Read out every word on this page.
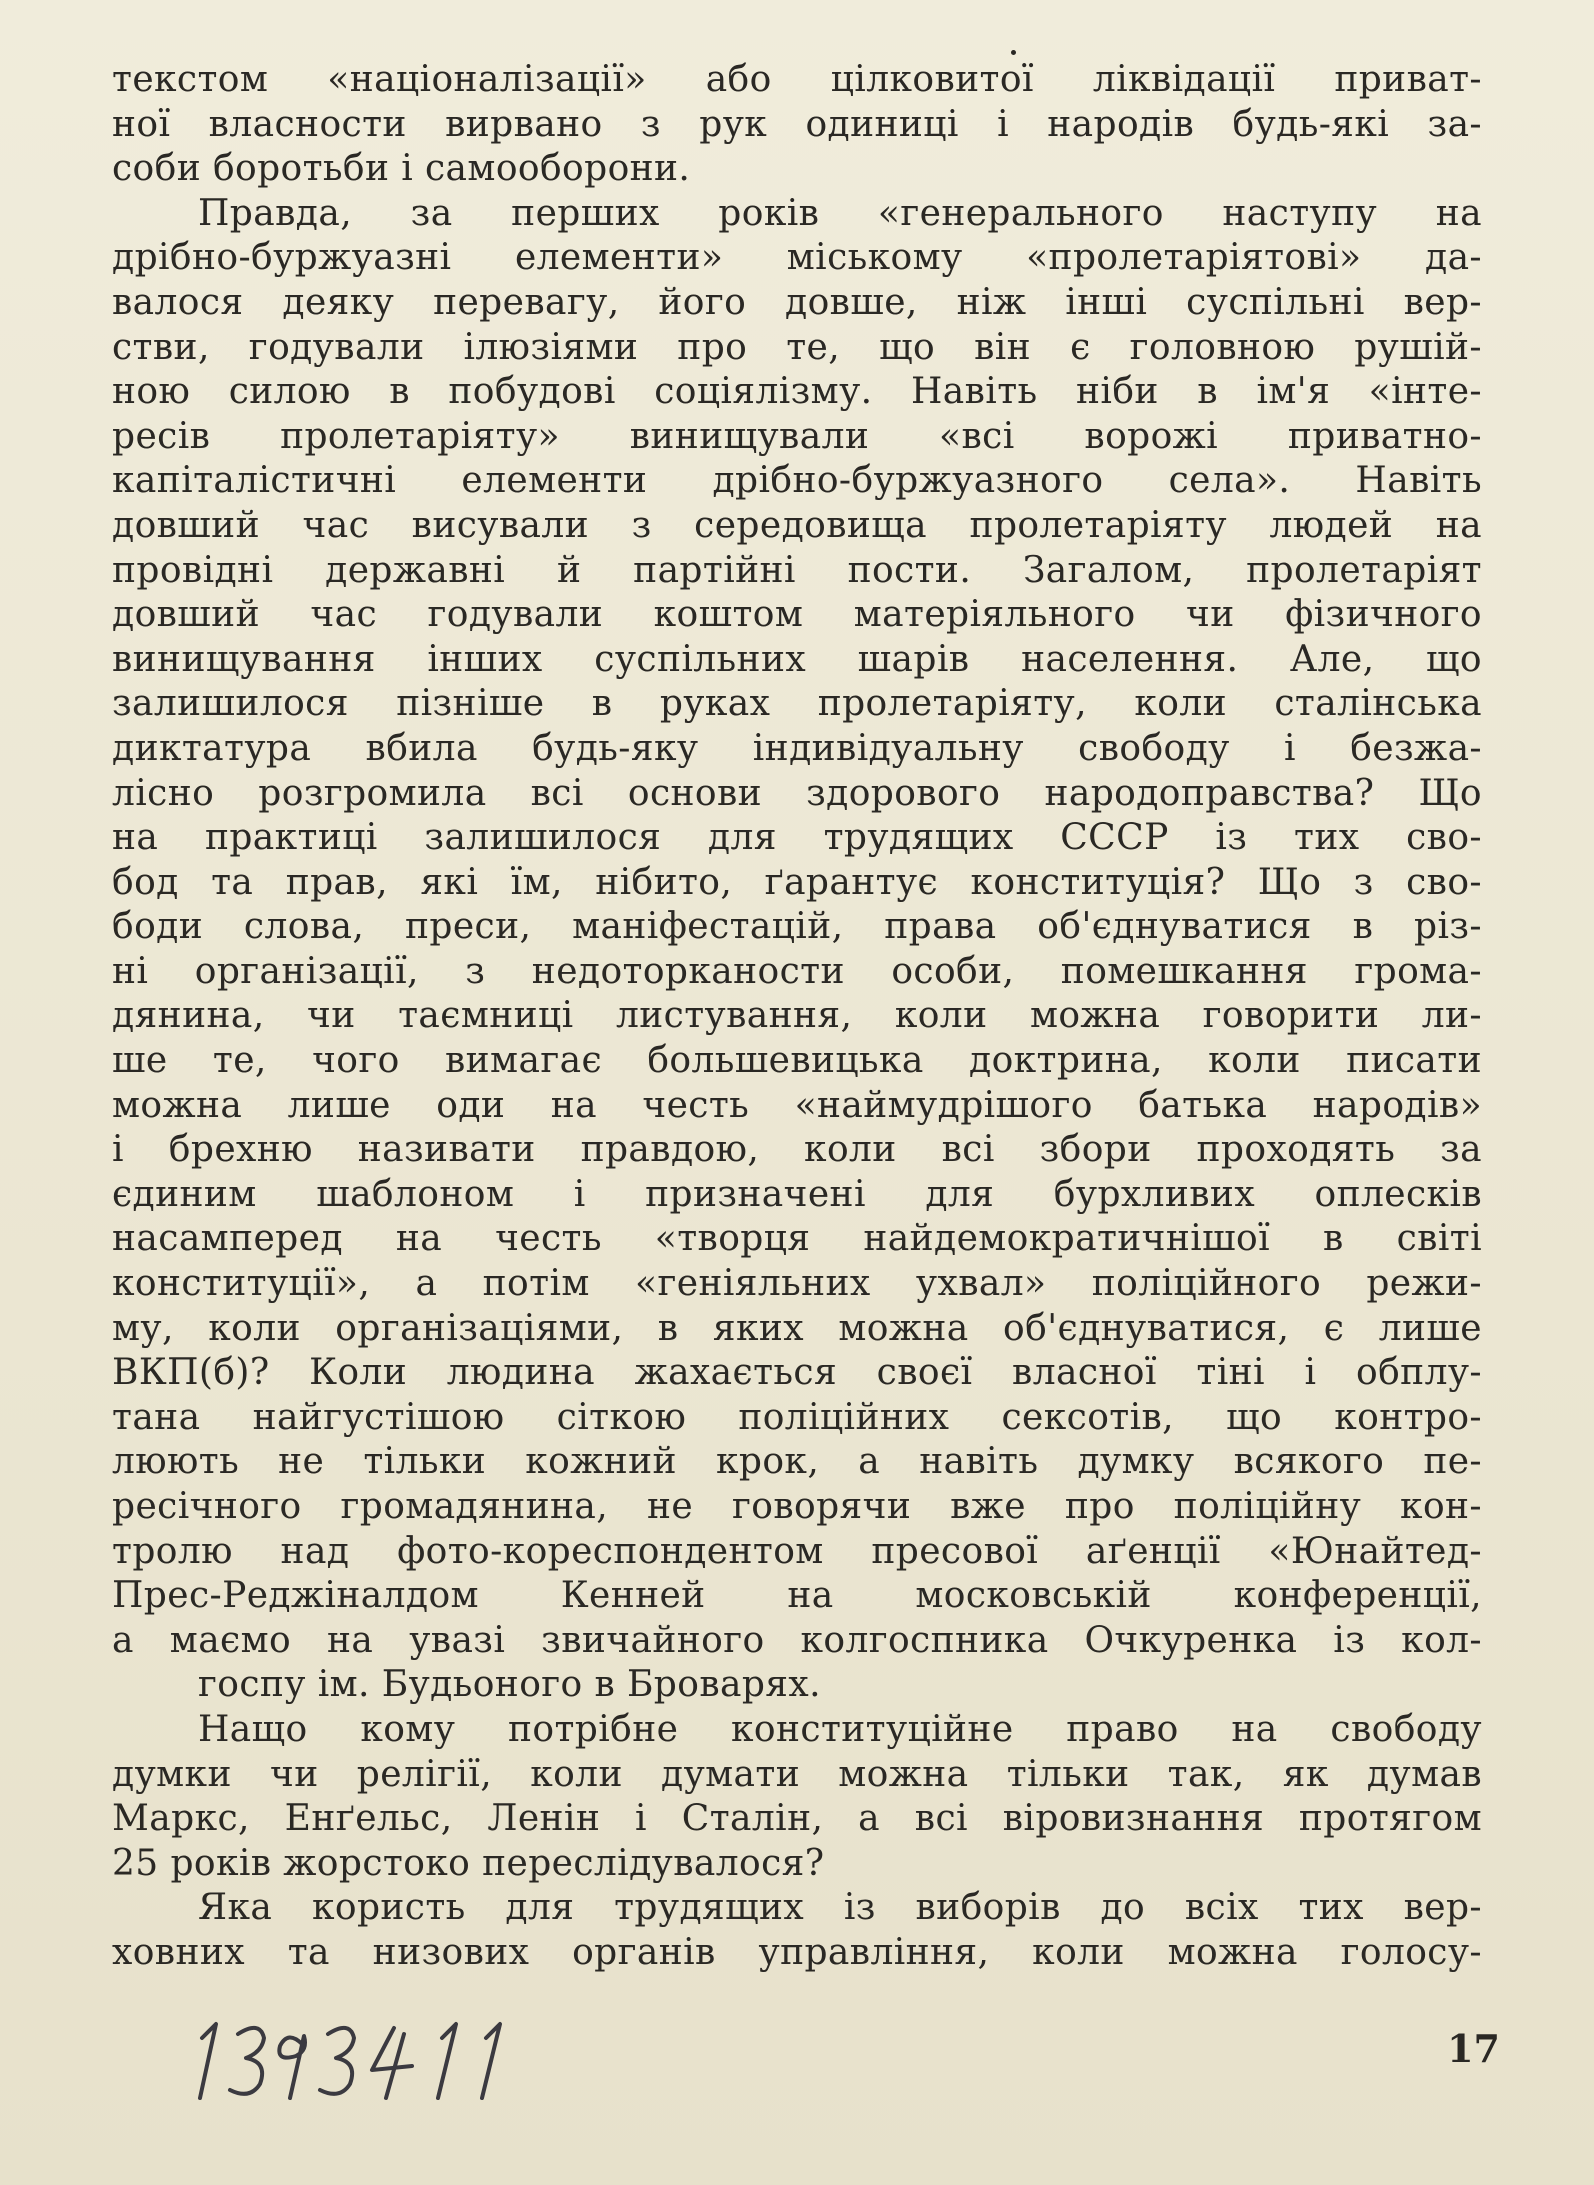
текстом «націоналізації» або цілковитої ліквідації приват-
ної власности вирвано з рук одиниці і народів будь-які за-
соби боротьби і самооборони.
Правда, за перших років «генерального наступу на
дрібно-буржуазні елементи» міському «пролетаріятові» да-
валося деяку перевагу, його довше, ніж інші суспільні вер-
стви, годували ілюзіями про те, що він є головною рушій-
ною силою в побудові соціялізму. Навіть ніби в ім'я «інте-
ресів пролетаріяту» винищували «всі ворожі приватно-
капіталістичні елементи дрібно-буржуазного села». Навіть
довший час висували з середовища пролетаріяту людей на
провідні державні й партійні пости. Загалом, пролетаріят
довший час годували коштом матеріяльного чи фізичного
винищування інших суспільних шарів населення. Але, що
залишилося пізніше в руках пролетаріяту, коли сталінська
диктатура вбила будь-яку індивідуальну свободу і безжа-
лісно розгромила всі основи здорового народоправства? Що
на практиці залишилося для трудящих СССР із тих сво-
бод та прав, які їм, нібито, ґарантує конституція? Що з сво-
боди слова, преси, маніфестацій, права об'єднуватися в різ-
ні організації, з недоторканости особи, помешкання грома-
дянина, чи таємниці листування, коли можна говорити ли-
ше те, чого вимагає большевицька доктрина, коли писати
можна лише оди на честь «наймудрішого батька народів»
і брехню називати правдою, коли всі збори проходять за
єдиним шаблоном і призначені для бурхливих оплесків
насамперед на честь «творця найдемократичнішої в світі
конституції», а потім «геніяльних ухвал» поліційного режи-
му, коли організаціями, в яких можна об'єднуватися, є лише
ВКП(б)? Коли людина жахається своєї власної тіні і обплу-
тана найгустішою сіткою поліційних сексотів, що контро-
люють не тільки кожний крок, а навіть думку всякого пе-
ресічного громадянина, не говорячи вже про поліційну кон-
тролю над фото-кореспондентом пресової аґенції «Юнайтед-
Прес-Реджіналдом Кенней на московській конференції,
а маємо на увазі звичайного колгоспника Очкуренка із кол-
госпу ім. Будьоного в Броварях.
Нащо кому потрібне конституційне право на свободу
думки чи релігії, коли думати можна тільки так, як думав
Маркс, Енґельс, Ленін і Сталін, а всі віровизнання протягом
25 років жорстоко переслідувалося?
Яка користь для трудящих із виборів до всіх тих вер-
ховних та низових органів управління, коли можна голосу-
17
